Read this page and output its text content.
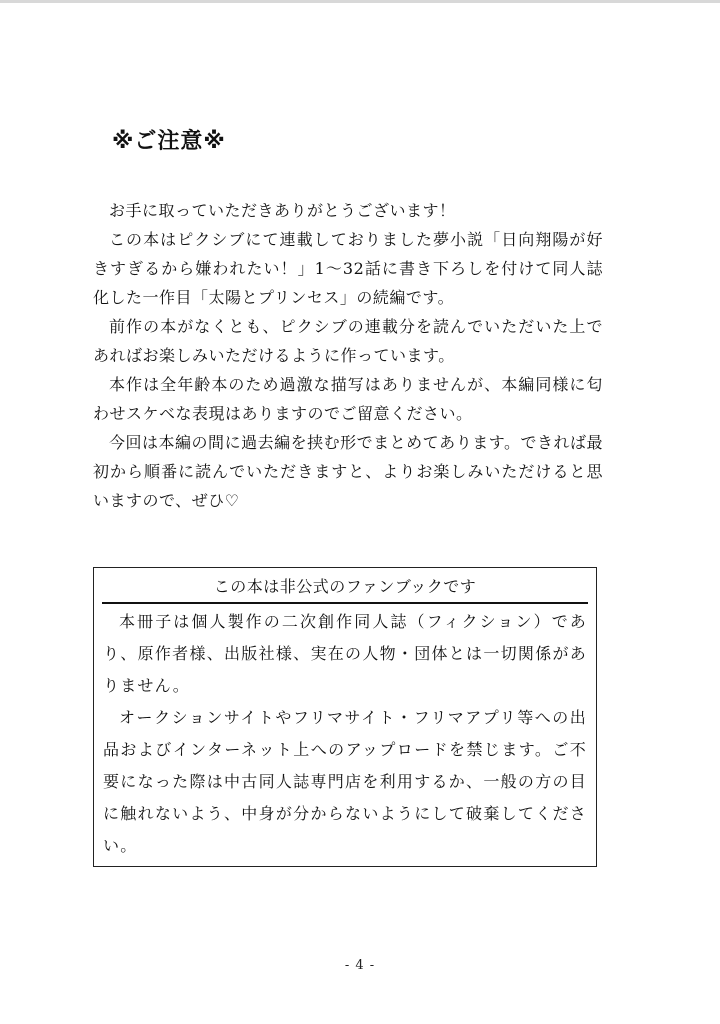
※ご注意※

お手に取っていただきありがとうございます！

この本はピクシブにて連載しておりました夢小説「日向翔陽が好きすぎるから嫌われたい！」1〜32話に書き下ろしを付けて同人誌化した一作目「太陽とプリンセス」の続編です。

前作の本がなくとも、ピクシブの連載分を読んでいただいた上であればお楽しみいただけるように作っています。

本作は全年齢本のため過激な描写はありませんが、本編同様に匂わせスケベな表現はありますのでご留意ください。

今回は本編の間に過去編を挟む形でまとめてあります。できれば最初から順番に読んでいただきますと、よりお楽しみいただけると思いますので、ぜひ♡

この本は非公式のファンブックです

本冊子は個人製作の二次創作同人誌（フィクション）であり、原作者様、出版社様、実在の人物・団体とは一切関係がありません。

オークションサイトやフリマサイト・フリマアプリ等への出品およびインターネット上へのアップロードを禁じます。ご不要になった際は中古同人誌専門店を利用するか、一般の方の目に触れないよう、中身が分からないようにして破棄してください。

- 4 -
